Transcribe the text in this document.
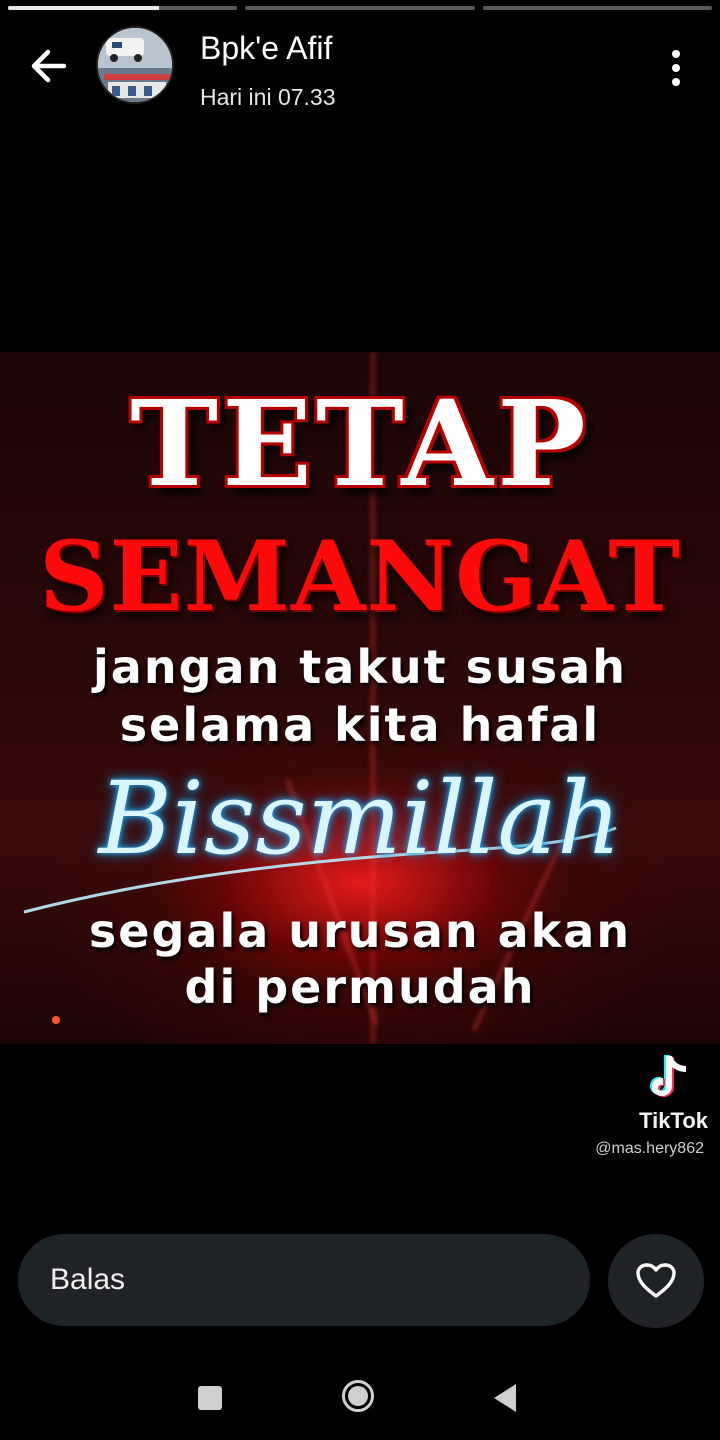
Bpk'e Afif
Hari ini 07.33
TETAP
SEMANGAT
jangan takut susah
selama kita hafal
Bissmillah
segala urusan akan
di permudah
TikTok
@mas.hery862
Balas
